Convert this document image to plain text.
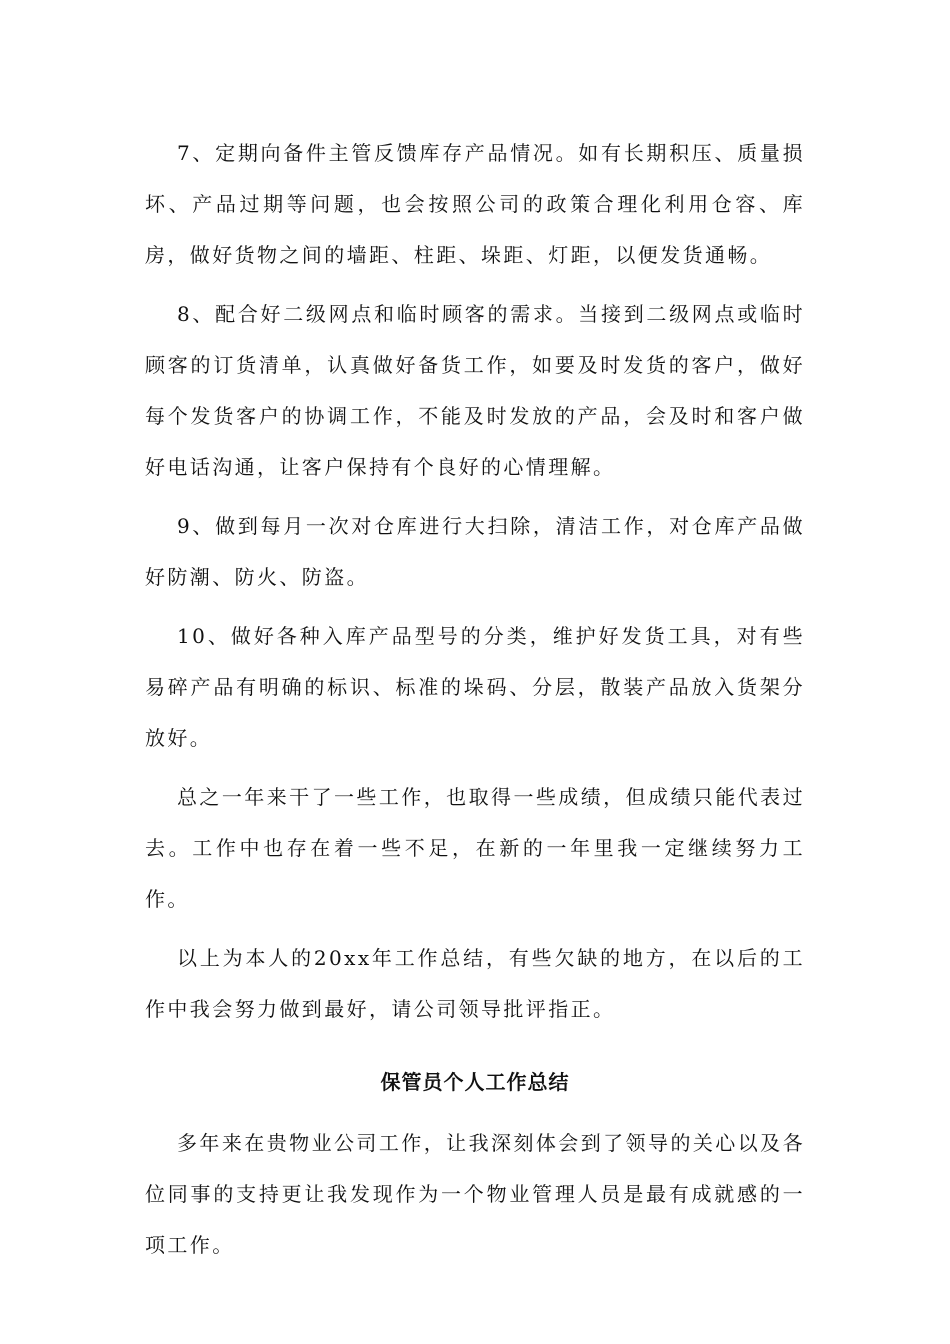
7、定期向备件主管反馈库存产品情况。如有长期积压、质量损坏、产品过期等问题，也会按照公司的政策合理化利用仓容、库房，做好货物之间的墙距、柱距、垛距、灯距，以便发货通畅。

8、配合好二级网点和临时顾客的需求。当接到二级网点或临时顾客的订货清单，认真做好备货工作，如要及时发货的客户，做好每个发货客户的协调工作，不能及时发放的产品，会及时和客户做好电话沟通，让客户保持有个良好的心情理解。

9、做到每月一次对仓库进行大扫除，清洁工作，对仓库产品做好防潮、防火、防盗。

10、做好各种入库产品型号的分类，维护好发货工具，对有些易碎产品有明确的标识、标准的垛码、分层，散装产品放入货架分放好。

总之一年来干了一些工作，也取得一些成绩，但成绩只能代表过去。工作中也存在着一些不足，在新的一年里我一定继续努力工作。

以上为本人的20xx年工作总结，有些欠缺的地方，在以后的工作中我会努力做到最好，请公司领导批评指正。

保管员个人工作总结

多年来在贵物业公司工作，让我深刻体会到了领导的关心以及各位同事的支持更让我发现作为一个物业管理人员是最有成就感的一项工作。
